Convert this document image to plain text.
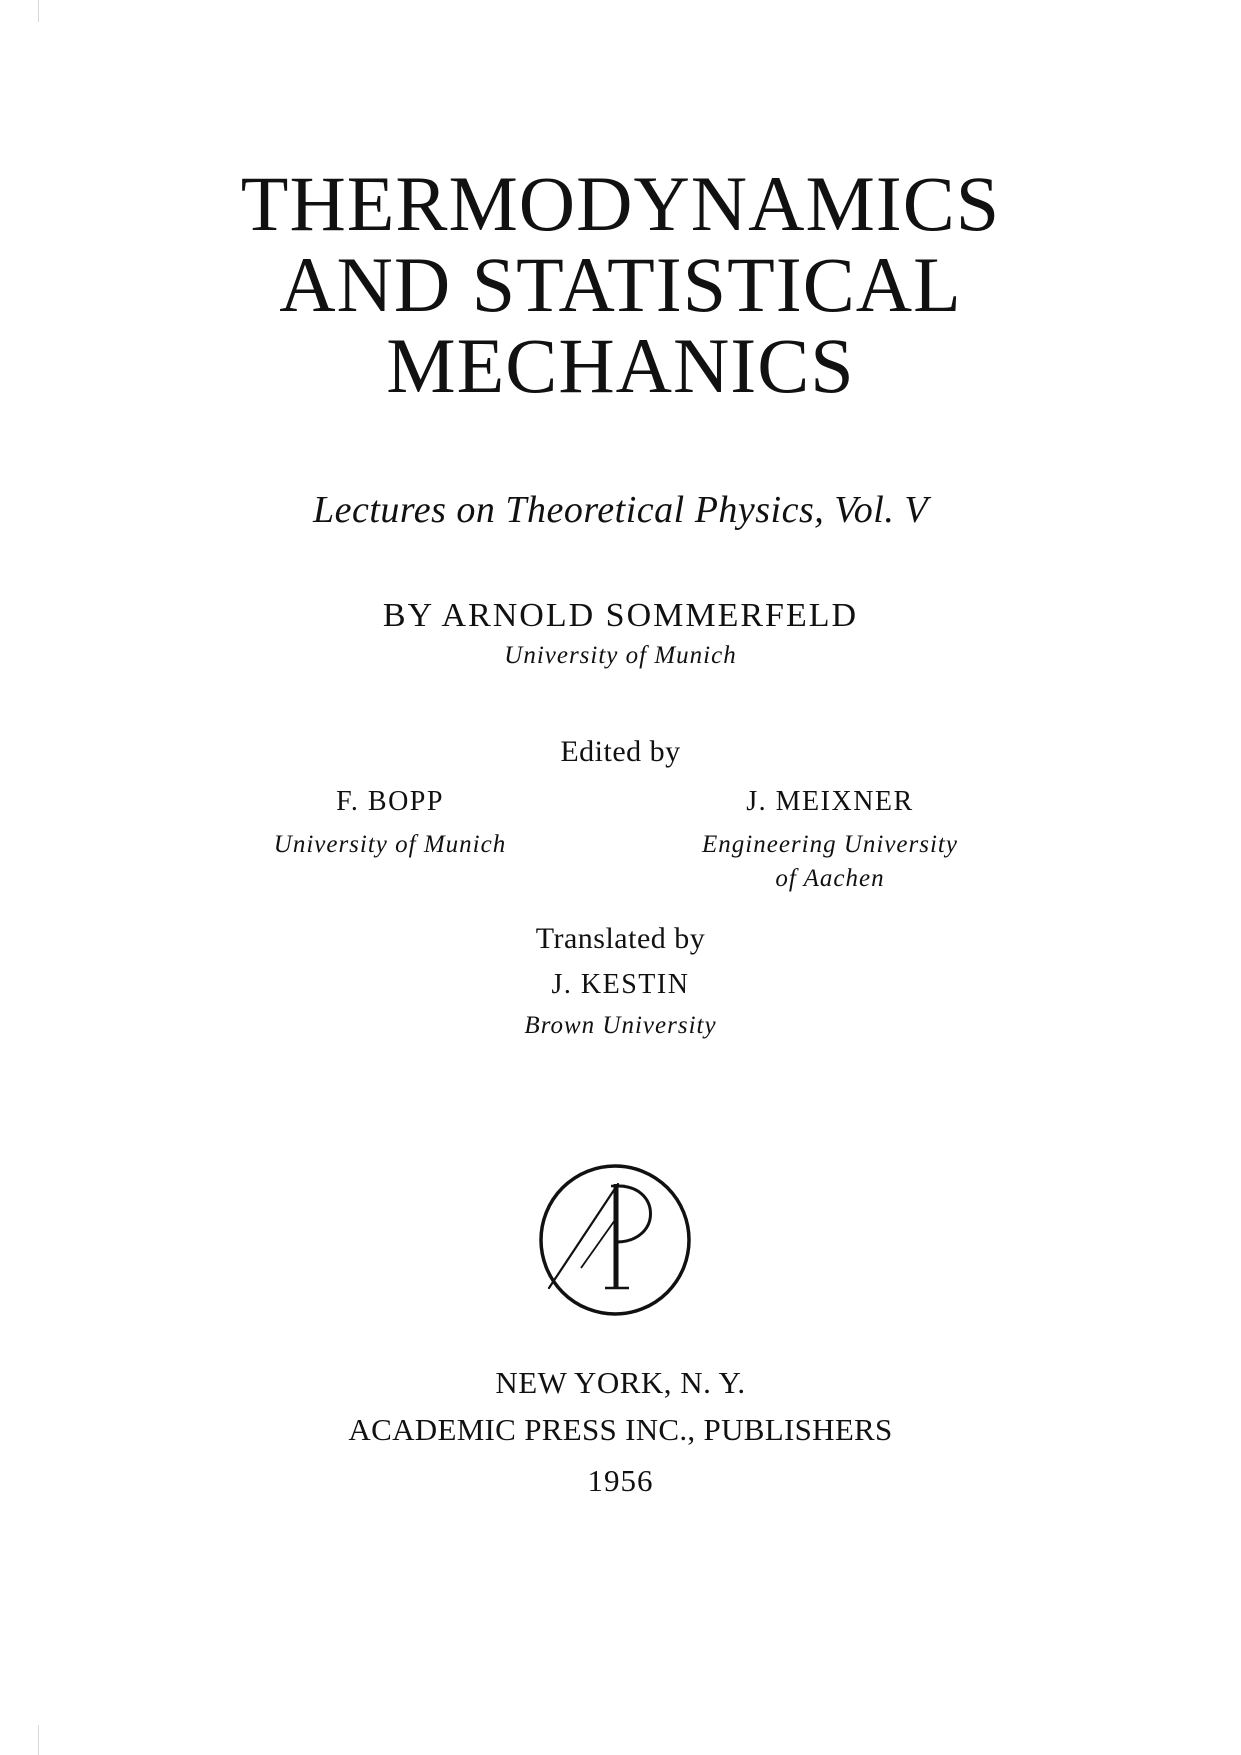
THERMODYNAMICS
AND STATISTICAL
MECHANICS
Lectures on Theoretical Physics, Vol. V
BY ARNOLD SOMMERFELD
University of Munich
Edited by
F. BOPP
University of Munich
J. MEIXNER
Engineering University
of Aachen
Translated by
J. KESTIN
Brown University
NEW YORK, N. Y.
ACADEMIC PRESS INC., PUBLISHERS
1956
